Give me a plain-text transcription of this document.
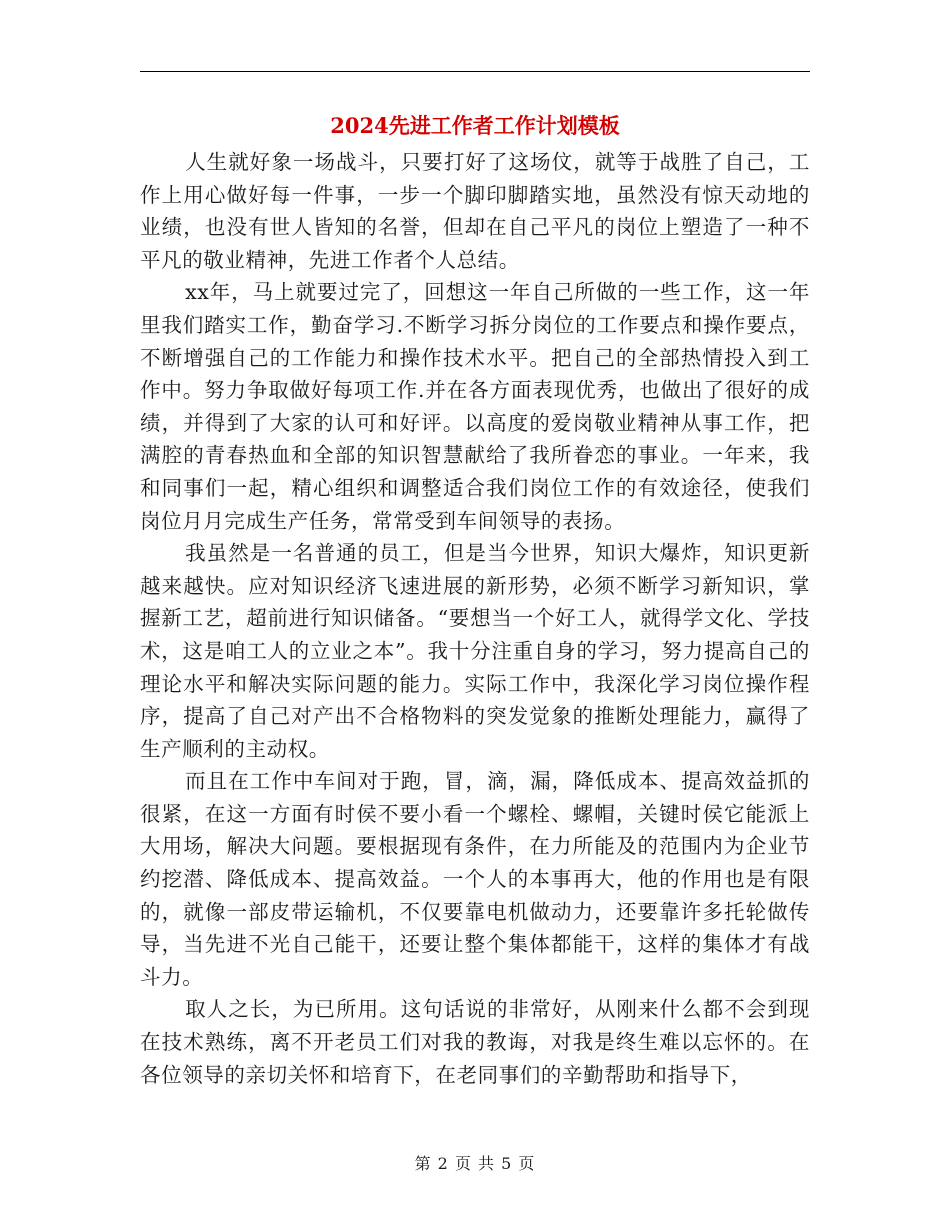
2024先进工作者工作计划模板

人生就好象一场战斗，只要打好了这场伩，就等于战胜了自己，工作上用心做好每一件事，一步一个脚印脚踏实地，虽然没有惊天动地的业绩，也没有世人皆知的名誉，但却在自己平凡的岗位上塑造了一种不平凡的敬业精神，先进工作者个人总结。

xx年，马上就要过完了，回想这一年自己所做的一些工作，这一年里我们踏实工作，勤奋学习.不断学习拆分岗位的工作要点和操作要点，不断增强自己的工作能力和操作技术水平。把自己的全部热情投入到工作中。努力争取做好每项工作.并在各方面表现优秀，也做出了很好的成绩，并得到了大家的认可和好评。以高度的爱岗敬业精神从事工作，把满腔的青春热血和全部的知识智慧献给了我所眷恋的事业。一年来，我和同事们一起，精心组织和调整适合我们岗位工作的有效途径，使我们岗位月月完成生产任务，常常受到车间领导的表扬。

我虽然是一名普通的员工，但是当今世界，知识大爆炸，知识更新越来越快。应对知识经济飞速进展的新形势，必须不断学习新知识，掌握新工艺，超前进行知识储备。“要想当一个好工人，就得学文化、学技术，这是咱工人的立业之本”。我十分注重自身的学习，努力提高自己的理论水平和解决实际问题的能力。实际工作中，我深化学习岗位操作程序，提高了自己对产出不合格物料的突发觉象的推断处理能力，赢得了生产顺利的主动权。

而且在工作中车间对于跑，冒，滴，漏，降低成本、提高效益抓的很紧，在这一方面有时侯不要小看一个螺栓、螺帽，关键时侯它能派上大用场，解决大问题。要根据现有条件，在力所能及的范围内为企业节约挖潜、降低成本、提高效益。一个人的本事再大，他的作用也是有限的，就像一部皮带运输机，不仅要靠电机做动力，还要靠许多托轮做传导，当先进不光自己能干，还要让整个集体都能干，这样的集体才有战斗力。

取人之长，为已所用。这句话说的非常好，从刚来什么都不会到现在技术熟练，离不开老员工们对我的教诲，对我是终生难以忘怀的。在各位领导的亲切关怀和培育下，在老同事们的辛勤帮助和指导下，

第 2 页 共 5 页
